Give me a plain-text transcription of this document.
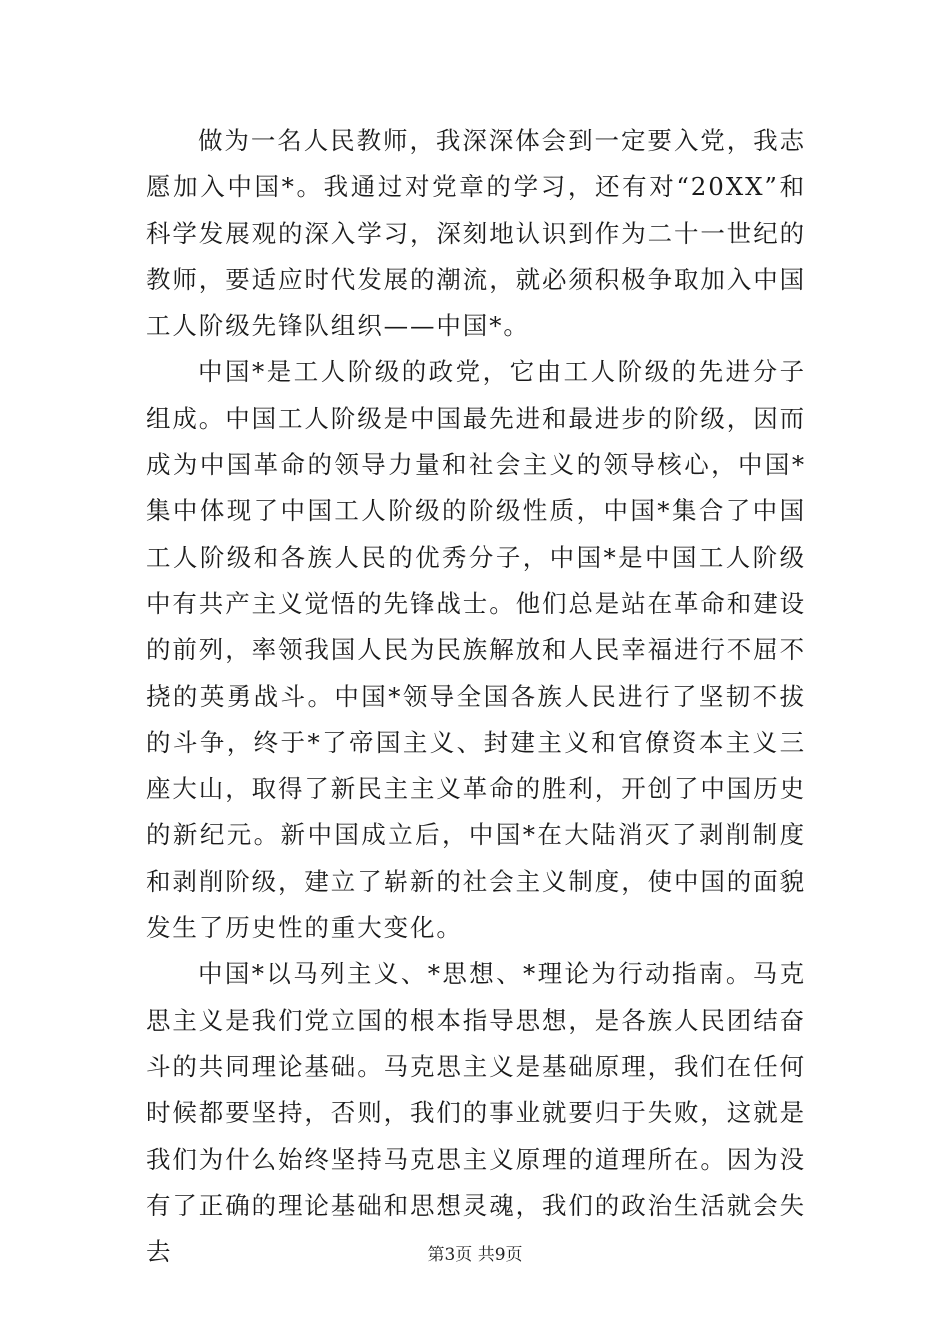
做为一名人民教师，我深深体会到一定要入党，我志愿加入中国*。我通过对党章的学习，还有对“20XX”和科学发展观的深入学习，深刻地认识到作为二十一世纪的教师，要适应时代发展的潮流，就必须积极争取加入中国工人阶级先锋队组织——中国*。

中国*是工人阶级的政党，它由工人阶级的先进分子组成。中国工人阶级是中国最先进和最进步的阶级，因而成为中国革命的领导力量和社会主义的领导核心，中国*集中体现了中国工人阶级的阶级性质，中国*集合了中国工人阶级和各族人民的优秀分子，中国*是中国工人阶级中有共产主义觉悟的先锋战士。他们总是站在革命和建设的前列，率领我国人民为民族解放和人民幸福进行不屈不挠的英勇战斗。中国*领导全国各族人民进行了坚韧不拔的斗争，终于*了帝国主义、封建主义和官僚资本主义三座大山，取得了新民主主义革命的胜利，开创了中国历史的新纪元。新中国成立后，中国*在大陆消灭了剥削制度和剥削阶级，建立了崭新的社会主义制度，使中国的面貌发生了历史性的重大变化。

中国*以马列主义、*思想、*理论为行动指南。马克思主义是我们党立国的根本指导思想，是各族人民团结奋斗的共同理论基础。马克思主义是基础原理，我们在任何时候都要坚持，否则，我们的事业就要归于失败，这就是我们为什么始终坚持马克思主义原理的道理所在。因为没有了正确的理论基础和思想灵魂，我们的政治生活就会失去	第3页 共9页
